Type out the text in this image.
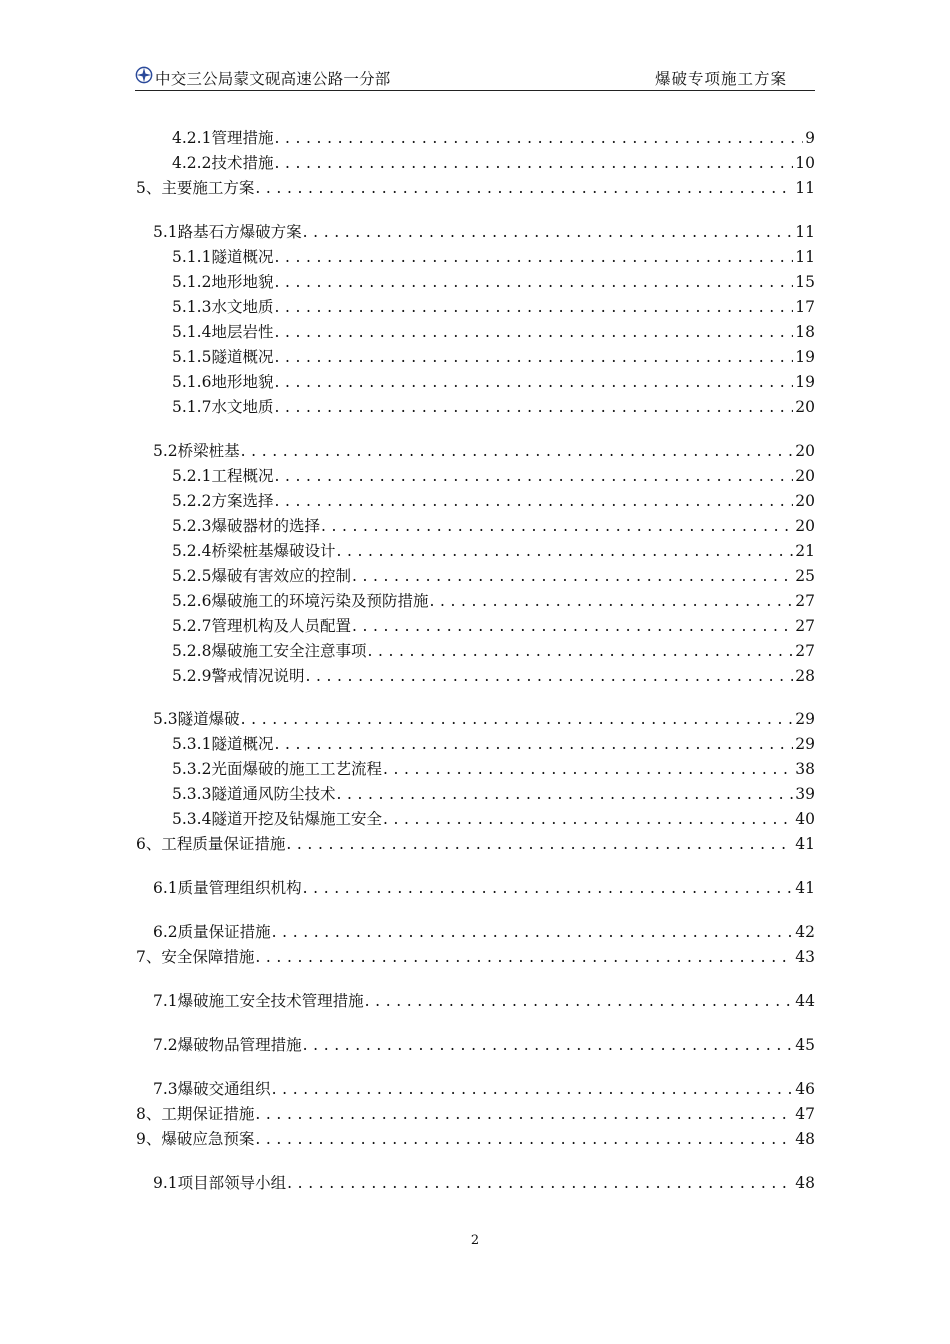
中交三公局蒙文砚高速公路一分部	爆破专项施工方案
4.2.1管理措施 .....	9
4.2.2技术措施 .....	10
5、主要施工方案 .....	11
5.1路基石方爆破方案 .....	11
5.1.1隧道概况 .....	11
5.1.2地形地貌 .....	15
5.1.3水文地质 .....	17
5.1.4地层岩性 .....	18
5.1.5隧道概况 .....	19
5.1.6地形地貌 .....	19
5.1.7水文地质 .....	20
5.2桥梁桩基 .....	20
5.2.1工程概况 .....	20
5.2.2方案选择 .....	20
5.2.3爆破器材的选择 .....	20
5.2.4桥梁桩基爆破设计 .....	21
5.2.5爆破有害效应的控制 .....	25
5.2.6爆破施工的环境污染及预防措施 .....	27
5.2.7管理机构及人员配置 .....	27
5.2.8爆破施工安全注意事项 .....	27
5.2.9警戒情况说明 .....	28
5.3隧道爆破 .....	29
5.3.1隧道概况 .....	29
5.3.2光面爆破的施工工艺流程 .....	38
5.3.3隧道通风防尘技术 .....	39
5.3.4隧道开挖及钻爆施工安全 .....	40
6、工程质量保证措施 .....	41
6.1质量管理组织机构 .....	41
6.2质量保证措施 .....	42
7、安全保障措施 .....	43
7.1爆破施工安全技术管理措施 .....	44
7.2爆破物品管理措施 .....	45
7.3爆破交通组织 .....	46
8、工期保证措施 .....	47
9、爆破应急预案 .....	48
9.1项目部领导小组 .....	48
2
